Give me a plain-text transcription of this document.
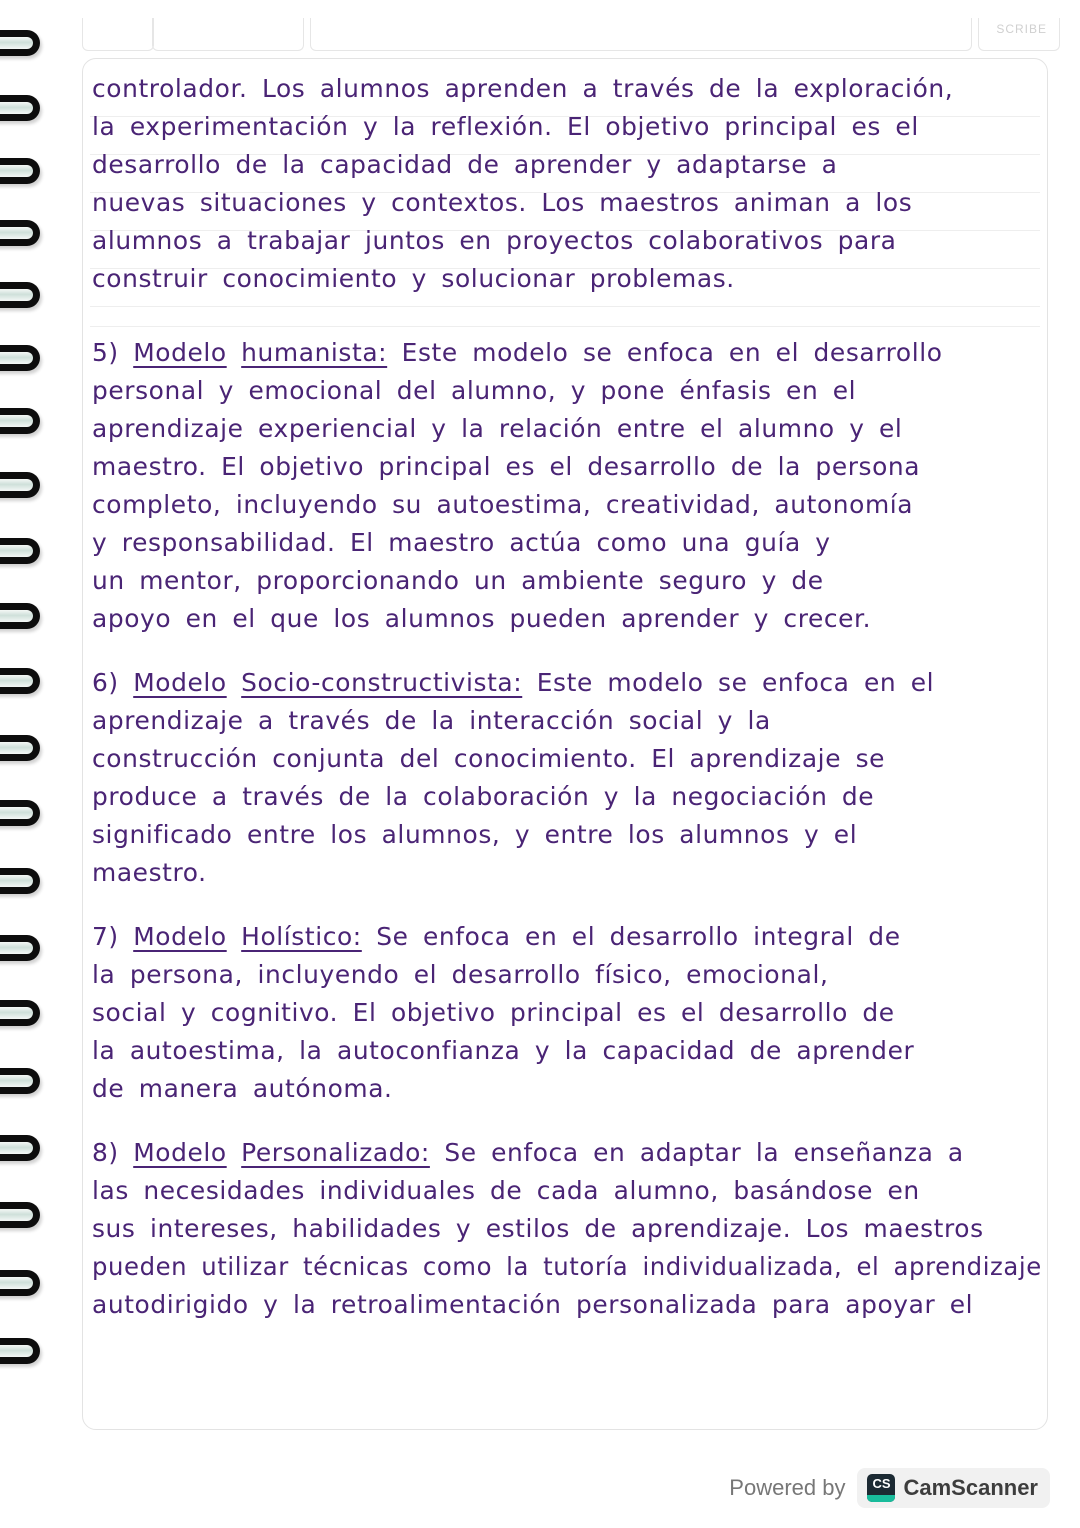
SCRIBE
controlador. Los alumnos aprenden a través de la exploración,
la experimentación y la reflexión. El objetivo principal es el
desarrollo de la capacidad de aprender y adaptarse a
nuevas situaciones y contextos. Los maestros animan a los
alumnos a trabajar juntos en proyectos colaborativos para
construir conocimiento y solucionar problemas.
5) Modelo humanista: Este modelo se enfoca en el desarrollo
personal y emocional del alumno, y pone énfasis en el
aprendizaje experiencial y la relación entre el alumno y el
maestro. El objetivo principal es el desarrollo de la persona
completo, incluyendo su autoestima, creatividad, autonomía
y responsabilidad. El maestro actúa como una guía y
un mentor, proporcionando un ambiente seguro y de
apoyo en el que los alumnos pueden aprender y crecer.
6) Modelo Socio-constructivista: Este modelo se enfoca en el
aprendizaje a través de la interacción social y la
construcción conjunta del conocimiento. El aprendizaje se
produce a través de la colaboración y la negociación de
significado entre los alumnos, y entre los alumnos y el
maestro.
7) Modelo Holístico: Se enfoca en el desarrollo integral de
la persona, incluyendo el desarrollo físico, emocional,
social y cognitivo. El objetivo principal es el desarrollo de
la autoestima, la autoconfianza y la capacidad de aprender
de manera autónoma.
8) Modelo Personalizado: Se enfoca en adaptar la enseñanza a
las necesidades individuales de cada alumno, basándose en
sus intereses, habilidades y estilos de aprendizaje. Los maestros
pueden utilizar técnicas como la tutoría individualizada, el aprendizaje
autodirigido y la retroalimentación personalizada para apoyar el
Powered by	CS CamScanner
